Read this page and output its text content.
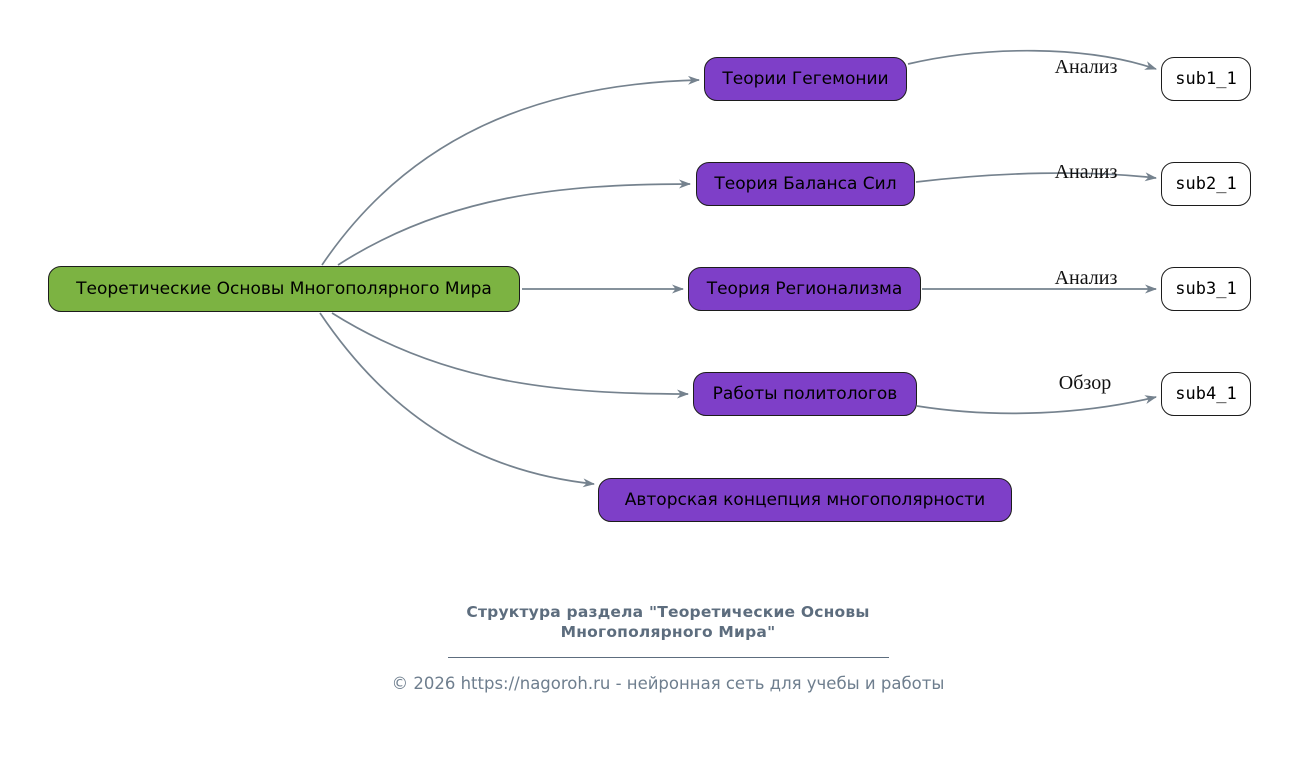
Теоретические Основы Многополярного Мира
Теории Гегемонии
Теория Баланса Сил
Теория Регионализма
Работы политологов
Авторская концепция многополярности
sub1_1
sub2_1
sub3_1
sub4_1
Анализ
Анализ
Анализ
Обзор
Структура раздела "Теоретические Основы
Многополярного Мира"
© 2026 https://nagoroh.ru - нейронная сеть для учебы и работы
